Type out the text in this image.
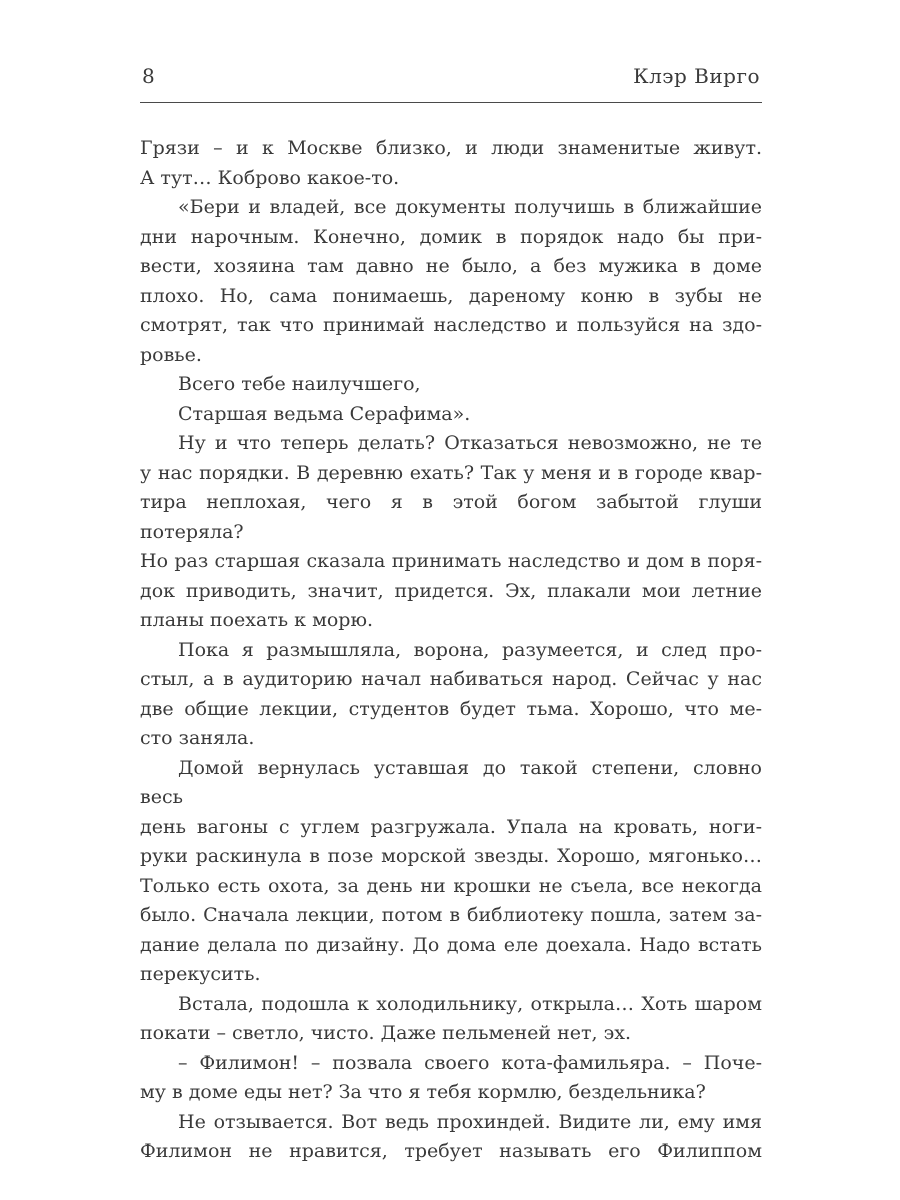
8	Клэр Вирго
Грязи – и к Москве близко, и люди знаменитые живут.
А тут… Коброво какое-то.
«Бери и владей, все документы получишь в ближайшие
дни нарочным. Конечно, домик в порядок надо бы при-
вести, хозяина там давно не было, а без мужика в доме
плохо. Но, сама понимаешь, дареному коню в зубы не
смотрят, так что принимай наследство и пользуйся на здо-
ровье.
Всего тебе наилучшего,
Старшая ведьма Серафима».
Ну и что теперь делать? Отказаться невозможно, не те
у нас порядки. В деревню ехать? Так у меня и в городе квар-
тира неплохая, чего я в этой богом забытой глуши потеряла?
Но раз старшая сказала принимать наследство и дом в поря-
док приводить, значит, придется. Эх, плакали мои летние
планы поехать к морю.
Пока я размышляла, ворона, разумеется, и след про-
стыл, а в аудиторию начал набиваться народ. Сейчас у нас
две общие лекции, студентов будет тьма. Хорошо, что ме-
сто заняла.
Домой вернулась уставшая до такой степени, словно весь
день вагоны с углем разгружала. Упала на кровать, ноги-
руки раскинула в позе морской звезды. Хорошо, мягонько…
Только есть охота, за день ни крошки не съела, все некогда
было. Сначала лекции, потом в библиотеку пошла, затем за-
дание делала по дизайну. До дома еле доехала. Надо встать
перекусить.
Встала, подошла к холодильнику, открыла… Хоть шаром
покати – светло, чисто. Даже пельменей нет, эх.
– Филимон! – позвала своего кота-фамильяра. – Поче-
му в доме еды нет? За что я тебя кормлю, бездельника?
Не отзывается. Вот ведь прохиндей. Видите ли, ему имя
Филимон не нравится, требует называть его Филиппом
